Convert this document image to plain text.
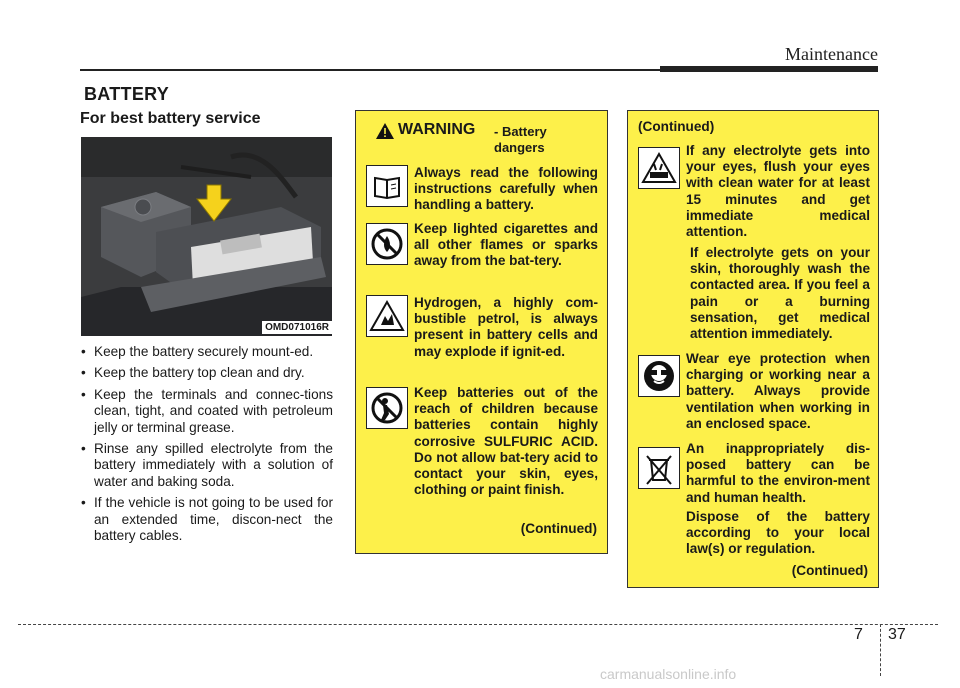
Maintenance
BATTERY
For best battery service
OMD071016R
• Keep the battery securely mount-ed.
• Keep the battery top clean and dry.
• Keep the terminals and connec-tions clean, tight, and coated with petroleum jelly or terminal grease.
• Rinse any spilled electrolyte from the battery immediately with a solution of water and baking soda.
• If the vehicle is not going to be used for an extended time, discon-nect the battery cables.
WARNING - Battery dangers
Always read the following instructions carefully when handling a battery.
Keep lighted cigarettes and all other flames or sparks away from the bat-tery.
Hydrogen, a highly com-bustible petrol, is always present in battery cells and may explode if ignit-ed.
Keep batteries out of the reach of children because batteries contain highly corrosive SULFURIC ACID. Do not allow bat-tery acid to contact your skin, eyes, clothing or paint finish.
(Continued)
(Continued)
If any electrolyte gets into your eyes, flush your eyes with clean water for at least 15 minutes and get immediate medical attention.
If electrolyte gets on your skin, thoroughly wash the contacted area. If you feel a pain or a burning sensation, get medical attention immediately.
Wear eye protection when charging or working near a battery. Always provide ventilation when working in an enclosed space.
An inappropriately dis-posed battery can be harmful to the environ-ment and human health.
Dispose of the battery according to your local law(s) or regulation.
(Continued)
7 37
carmanualsonline.info
